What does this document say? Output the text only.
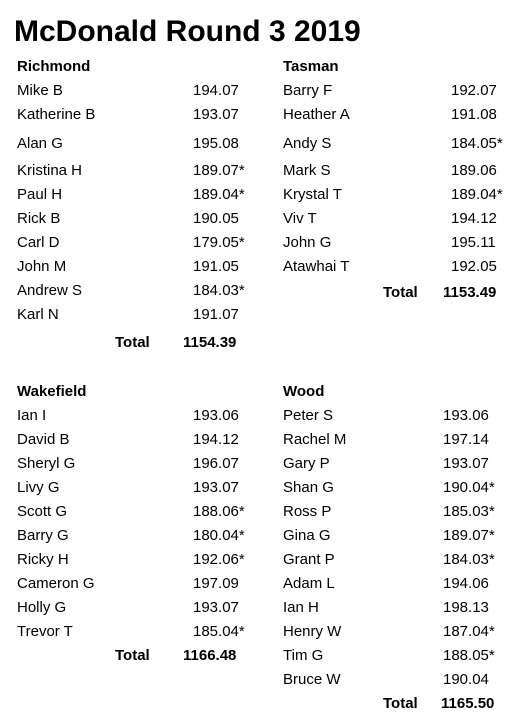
McDonald Round 3 2019
Richmond
Mike B	194.07
Katherine B	193.07
Alan G	195.08
Kristina H	189.07*
Paul H	189.04*
Rick B	190.05
Carl D	179.05*
John M	191.05
Andrew S	184.03*
Karl N	191.07
Total 1154.39
Tasman
Barry F	192.07
Heather A	191.08
Andy S	184.05*
Mark S	189.06
Krystal T	189.04*
Viv T	194.12
John G	195.11
Atawhai T	192.05
Total 1153.49
Wakefield
Ian I	193.06
David B	194.12
Sheryl G	196.07
Livy G	193.07
Scott G	188.06*
Barry G	180.04*
Ricky H	192.06*
Cameron G	197.09
Holly G	193.07
Trevor T	185.04*
Total 1166.48
Wood
Peter S	193.06
Rachel M	197.14
Gary P	193.07
Shan G	190.04*
Ross P	185.03*
Gina G	189.07*
Grant P	184.03*
Adam L	194.06
Ian H	198.13
Henry W	187.04*
Tim G	188.05*
Bruce W	190.04
Total 1165.50
